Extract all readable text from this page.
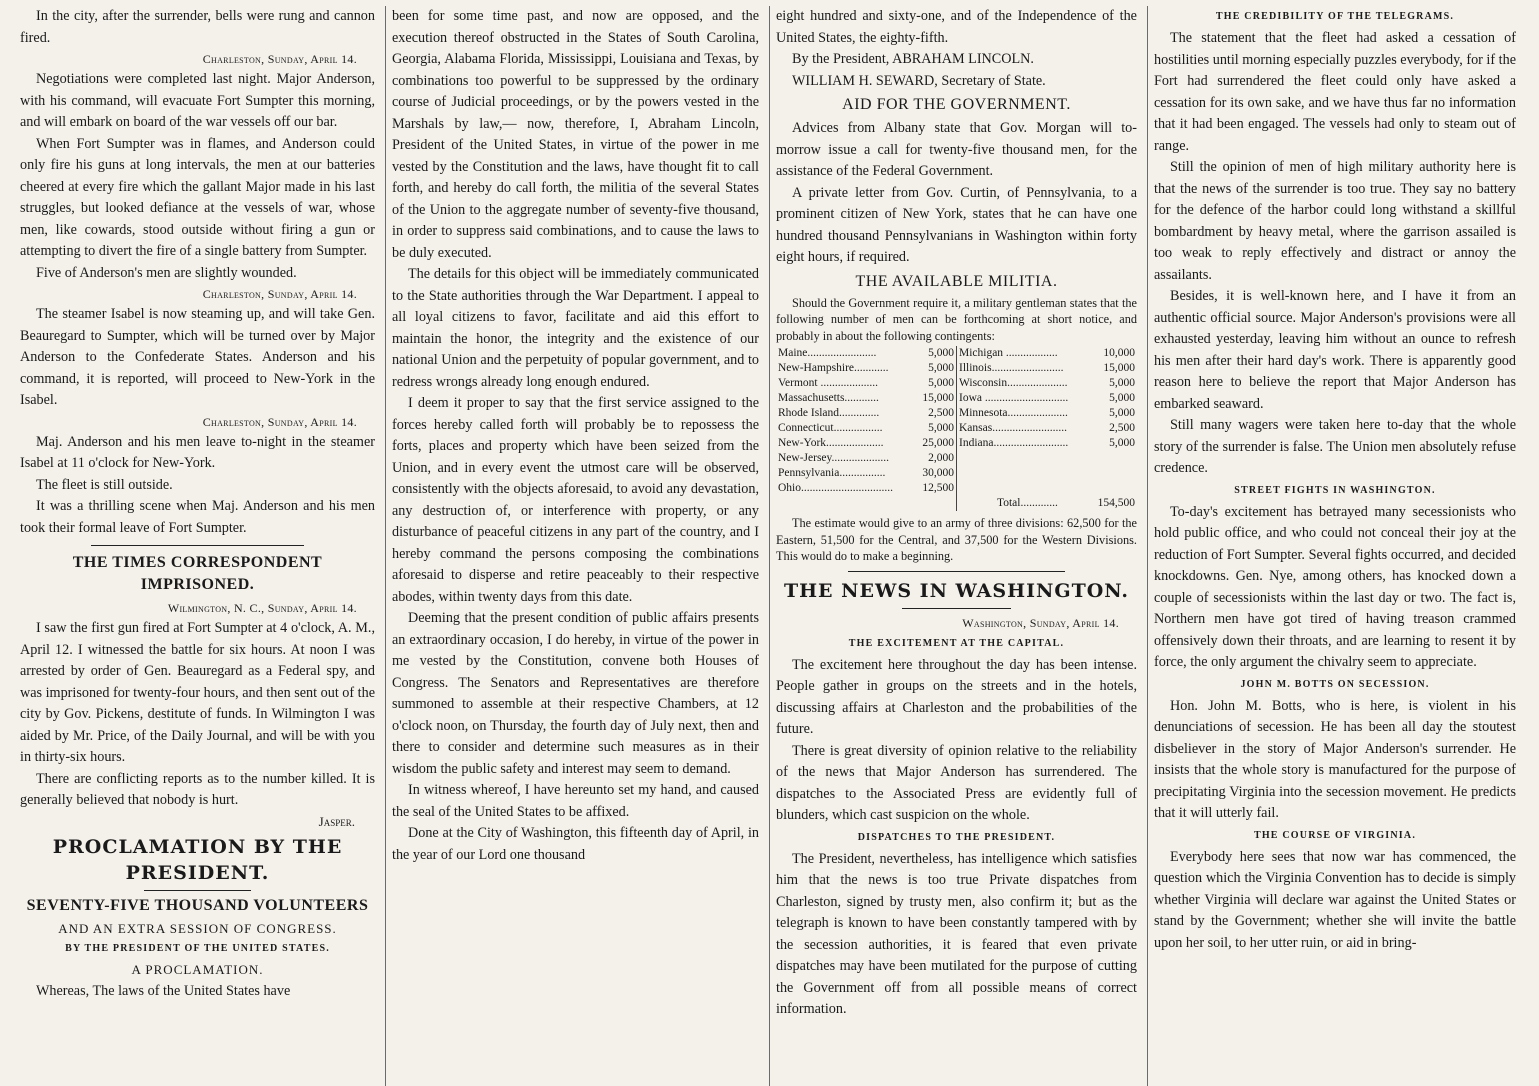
In the city, after the surrender, bells were rung and cannon fired.

Charleston, Sunday, April 14.

Negotiations were completed last night. Major Anderson, with his command, will evacuate Fort Sumpter this morning, and will embark on board of the war vessels off our bar.

When Fort Sumpter was in flames, and Anderson could only fire his guns at long intervals, the men at our batteries cheered at every fire which the gallant Major made in his last struggles, but looked defiance at the vessels of war, whose men, like cowards, stood outside without firing a gun or attempting to divert the fire of a single battery from Sumpter.

Five of Anderson's men are slightly wounded.

Charleston, Sunday, April 14.

The steamer Isabel is now steaming up, and will take Gen. Beauregard to Sumpter, which will be turned over by Major Anderson to the Confederate States. Anderson and his command, it is reported, will proceed to New-York in the Isabel.

Charleston, Sunday, April 14.

Maj. Anderson and his men leave to-night in the steamer Isabel at 11 o'clock for New-York.

The fleet is still outside.

It was a thrilling scene when Maj. Anderson and his men took their formal leave of Fort Sumpter.

THE TIMES CORRESPONDENT IMPRISONED.
Wilmington, N. C., Sunday, April 14.

I saw the first gun fired at Fort Sumpter at 4 o'clock, A. M., April 12. I witnessed the battle for six hours. At noon I was arrested by order of Gen. Beauregard as a Federal spy, and was imprisoned for twenty-four hours, and then sent out of the city by Gov. Pickens, destitute of funds. In Wilmington I was aided by Mr. Price, of the Daily Journal, and will be with you in thirty-six hours.

There are conflicting reports as to the number killed. It is generally believed that nobody is hurt.

Jasper.
PROCLAMATION BY THE PRESIDENT.
SEVENTY-FIVE THOUSAND VOLUNTEERS
AND AN EXTRA SESSION OF CONGRESS.
BY THE PRESIDENT OF THE UNITED STATES.
A PROCLAMATION.

Whereas, The laws of the United States have

been for some time past, and now are opposed, and the execution thereof obstructed in the States of South Carolina, Georgia, Alabama Florida, Mississippi, Louisiana and Texas, by combinations too powerful to be suppressed by the ordinary course of Judicial proceedings, or by the powers vested in the Marshals by law,— now, therefore, I, Abraham Lincoln, President of the United States, in virtue of the power in me vested by the Constitution and the laws, have thought fit to call forth, and hereby do call forth, the militia of the several States of the Union to the aggregate number of seventy-five thousand, in order to suppress said combinations, and to cause the laws to be duly executed.

The details for this object will be immediately communicated to the State authorities through the War Department. I appeal to all loyal citizens to favor, facilitate and aid this effort to maintain the honor, the integrity and the existence of our national Union and the perpetuity of popular government, and to redress wrongs already long enough endured.

I deem it proper to say that the first service assigned to the forces hereby called forth will probably be to repossess the forts, places and property which have been seized from the Union, and in every event the utmost care will be observed, consistently with the objects aforesaid, to avoid any devastation, any destruction of, or interference with property, or any disturbance of peaceful citizens in any part of the country, and I hereby command the persons composing the combinations aforesaid to disperse and retire peaceably to their respective abodes, within twenty days from this date.

Deeming that the present condition of public affairs presents an extraordinary occasion, I do hereby, in virtue of the power in me vested by the Constitution, convene both Houses of Congress. The Senators and Representatives are therefore summoned to assemble at their respective Chambers, at 12 o'clock noon, on Thursday, the fourth day of July next, then and there to consider and determine such measures as in their wisdom the public safety and interest may seem to demand.

In witness whereof, I have hereunto set my hand, and caused the seal of the United States to be affixed.

Done at the City of Washington, this fifteenth day of April, in the year of our Lord one thousand

eight hundred and sixty-one, and of the Independence of the United States, the eighty-fifth.

By the President, ABRAHAM LINCOLN.

WILLIAM H. SEWARD, Secretary of State.

AID FOR THE GOVERNMENT.

Advices from Albany state that Gov. Morgan will to-morrow issue a call for twenty-five thousand men, for the assistance of the Federal Government.

A private letter from Gov. Curtin, of Pennsylvania, to a prominent citizen of New York, states that he can have one hundred thousand Pennsylvanians in Washington within forty eight hours, if required.

THE AVAILABLE MILITIA.

Should the Government require it, a military gentleman states that the following number of men can be forthcoming at short notice, and probably in about the following contingents:

Maine........................	5,000	Michigan ..................	10,000
New-Hampshire............	5,000	Illinois.........................	15,000
Vermont ....................	5,000	Wisconsin.....................	5,000
Massachusetts............	15,000	Iowa .............................	5,000
Rhode Island..............	2,500	Minnesota.....................	5,000
Connecticut.................	5,000	Kansas..........................	2,500
New-York....................	25,000	Indiana..........................	5,000
New-Jersey....................	2,000		
Pennsylvania................	30,000		
Ohio................................	12,500		
		Total.............	154,500

The estimate would give to an army of three divisions: 62,500 for the Eastern, 51,500 for the Central, and 37,500 for the Western Divisions. This would do to make a beginning.

THE NEWS IN WASHINGTON.
Washington, Sunday, April 14.
THE EXCITEMENT AT THE CAPITAL.

The excitement here throughout the day has been intense. People gather in groups on the streets and in the hotels, discussing affairs at Charleston and the probabilities of the future.

There is great diversity of opinion relative to the reliability of the news that Major Anderson has surrendered. The dispatches to the Associated Press are evidently full of blunders, which cast suspicion on the whole.

DISPATCHES TO THE PRESIDENT.

The President, nevertheless, has intelligence which satisfies him that the news is too true Private dispatches from Charleston, signed by trusty men, also confirm it; but as the telegraph is known to have been constantly tampered with by the secession authorities, it is feared that even private dispatches may have been mutilated for the purpose of cutting the Government off from all possible means of correct information.

THE CREDIBILITY OF THE TELEGRAMS.

The statement that the fleet had asked a cessation of hostilities until morning especially puzzles everybody, for if the Fort had surrendered the fleet could only have asked a cessation for its own sake, and we have thus far no information that it had been engaged. The vessels had only to steam out of range.

Still the opinion of men of high military authority here is that the news of the surrender is too true. They say no battery for the defence of the harbor could long withstand a skillful bombardment by heavy metal, where the garrison assailed is too weak to reply effectively and distract or annoy the assailants.

Besides, it is well-known here, and I have it from an authentic official source. Major Anderson's provisions were all exhausted yesterday, leaving him without an ounce to refresh his men after their hard day's work. There is apparently good reason here to believe the report that Major Anderson has embarked seaward.

Still many wagers were taken here to-day that the whole story of the surrender is false. The Union men absolutely refuse credence.

STREET FIGHTS IN WASHINGTON.

To-day's excitement has betrayed many secessionists who hold public office, and who could not conceal their joy at the reduction of Fort Sumpter. Several fights occurred, and decided knockdowns. Gen. Nye, among others, has knocked down a couple of secessionists within the last day or two. The fact is, Northern men have got tired of having treason crammed offensively down their throats, and are learning to resent it by force, the only argument the chivalry seem to appreciate.

JOHN M. BOTTS ON SECESSION.

Hon. John M. Botts, who is here, is violent in his denunciations of secession. He has been all day the stoutest disbeliever in the story of Major Anderson's surrender. He insists that the whole story is manufactured for the purpose of precipitating Virginia into the secession movement. He predicts that it will utterly fail.

THE COURSE OF VIRGINIA.

Everybody here sees that now war has commenced, the question which the Virginia Convention has to decide is simply whether Virginia will declare war against the United States or stand by the Government; whether she will invite the battle upon her soil, to her utter ruin, or aid in bring-
